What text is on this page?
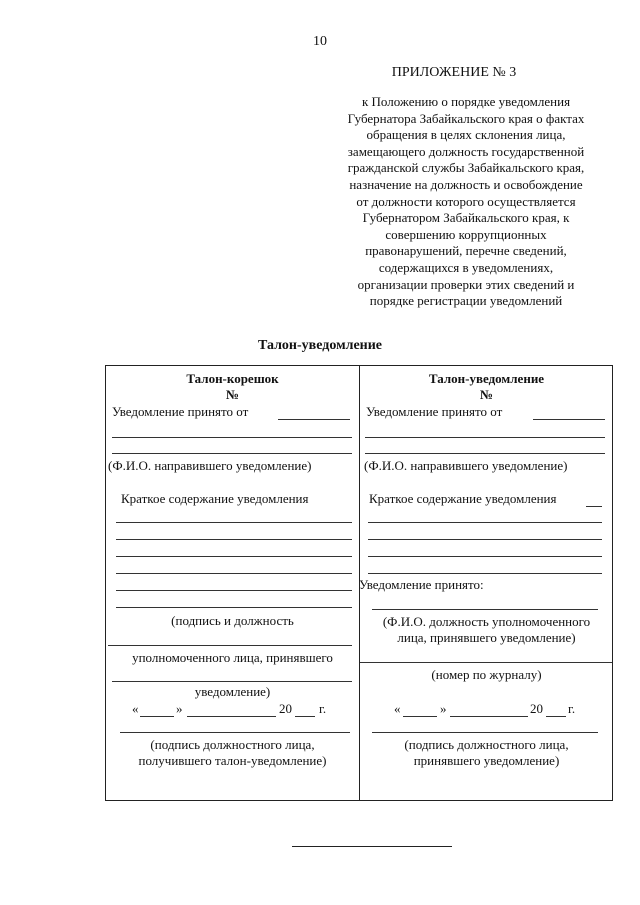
10
ПРИЛОЖЕНИЕ № 3
к Положению о порядке уведомления
Губернатора Забайкальского края о фактах
обращения в целях склонения лица,
замещающего должность государственной
гражданской службы Забайкальского края,
назначение на должность и освобождение
от должности которого осуществляется
Губернатором Забайкальского края, к
совершению коррупционных
правонарушений, перечне сведений,
содержащихся в уведомлениях,
организации проверки этих сведений и
порядке регистрации уведомлений
Талон-уведомление
Талон-корешок
№
Уведомление принято от
(Ф.И.О. направившего уведомление)
Краткое содержание уведомления
(подпись и должность
уполномоченного лица, принявшего
уведомление)
«	»	20 г.
(подпись должностного лица,
получившего талон-уведомление)
Талон-уведомление
№
Уведомление принято от
(Ф.И.О. направившего уведомление)
Краткое содержание уведомления
Уведомление принято:
(Ф.И.О. должность уполномоченного
лица, принявшего уведомление)
(номер по журналу)
«	»	20 г.
(подпись должностного лица,
принявшего уведомление)
